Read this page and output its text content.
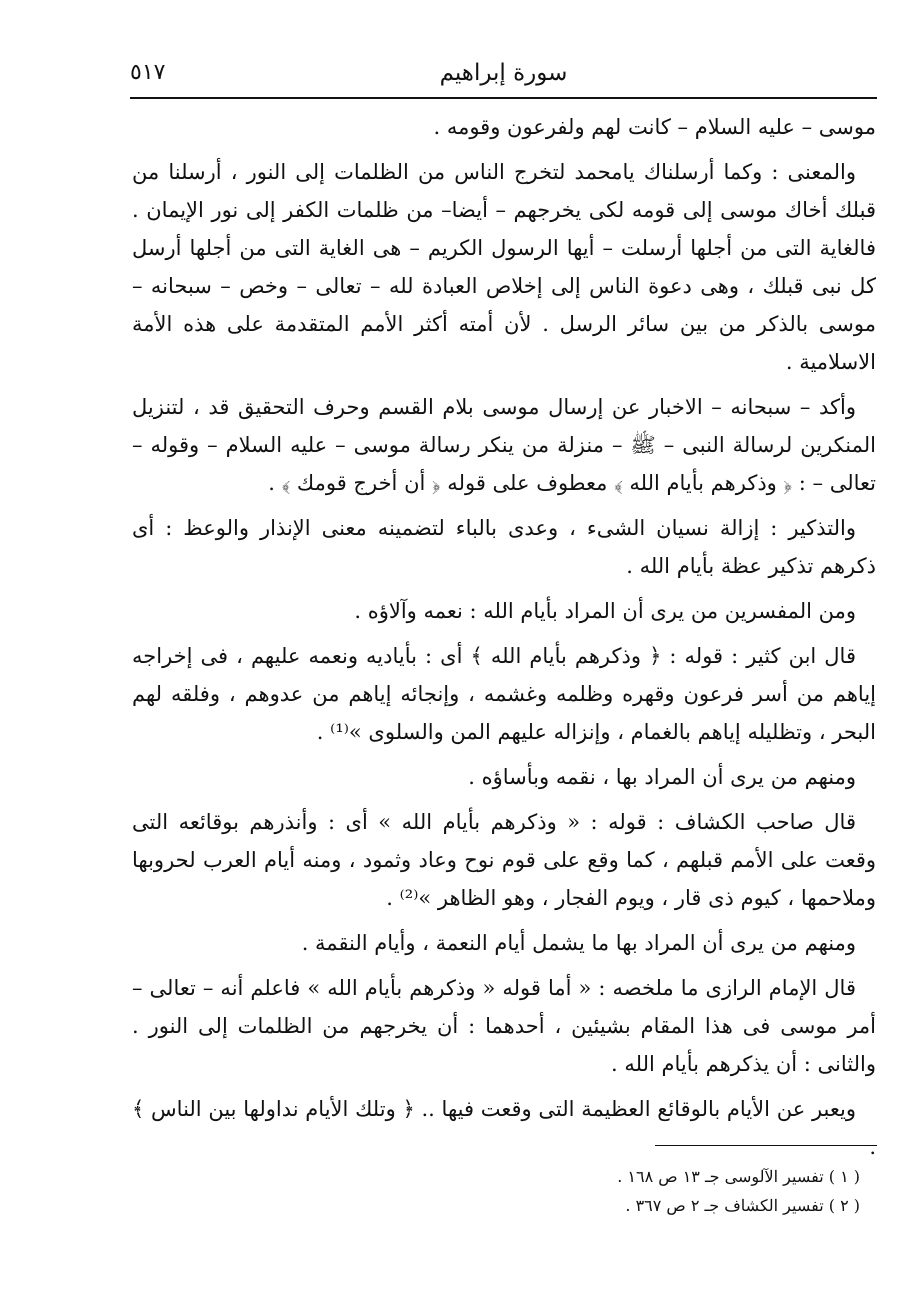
سورة إبراهيم
٥١٧

موسى – عليه السلام – كانت لهم ولفرعون وقومه .

والمعنى : وكما أرسلناك يامحمد لتخرج الناس من الظلمات إلى النور ، أرسلنا من قبلك أخاك موسى إلى قومه لكى يخرجهم – أيضا– من ظلمات الكفر إلى نور الإيمان . فالغاية التى من أجلها أرسلت – أيها الرسول الكريم – هى الغاية التى من أجلها أرسل كل نبى قبلك ، وهى دعوة الناس إلى إخلاص العبادة لله – تعالى – وخص – سبحانه – موسى بالذكر من بين سائر الرسل . لأن أمته أكثر الأمم المتقدمة على هذه الأمة الاسلامية .

وأكد – سبحانه – الاخبار عن إرسال موسى بلام القسم وحرف التحقيق قد ، لتنزيل المنكرين لرسالة النبى – ﷺ – منزلة من ينكر رسالة موسى – عليه السلام – وقوله – تعالى – : ﴿ وذكرهم بأيام الله ﴾ معطوف على قوله ﴿ أن أخرج قومك ﴾ .

والتذكير : إزالة نسيان الشىء ، وعدى بالباء لتضمينه معنى الإنذار والوعظ : أى ذكرهم تذكير عظة بأيام الله .

ومن المفسرين من يرى أن المراد بأيام الله : نعمه وآلاؤه .

قال ابن كثير : قوله : ﴿ وذكرهم بأيام الله ﴾ أى : بأياديه ونعمه عليهم ، فى إخراجه إياهم من أسر فرعون وقهره وظلمه وغشمه ، وإنجائه إياهم من عدوهم ، وفلقه لهم البحر ، وتظليله إياهم بالغمام ، وإنزاله عليهم المن والسلوى »⁽¹⁾ .

ومنهم من يرى أن المراد بها ، نقمه وبأساؤه .

قال صاحب الكشاف : قوله : « وذكرهم بأيام الله » أى : وأنذرهم بوقائعه التى وقعت على الأمم قبلهم ، كما وقع على قوم نوح وعاد وثمود ، ومنه أيام العرب لحروبها وملاحمها ، كيوم ذى قار ، ويوم الفجار ، وهو الظاهر »⁽²⁾ .

ومنهم من يرى أن المراد بها ما يشمل أيام النعمة ، وأيام النقمة .

قال الإمام الرازى ما ملخصه : « أما قوله « وذكرهم بأيام الله » فاعلم أنه – تعالى – أمر موسى فى هذا المقام بشيئين ، أحدهما : أن يخرجهم من الظلمات إلى النور . والثانى : أن يذكرهم بأيام الله .

ويعبر عن الأيام بالوقائع العظيمة التى وقعت فيها .. ﴿ وتلك الأيام نداولها بين الناس ﴾ .

( ١ ) تفسير الآلوسى جـ ١٣ ص ١٦٨ .

( ٢ ) تفسير الكشاف جـ ٢ ص ٣٦٧ .
